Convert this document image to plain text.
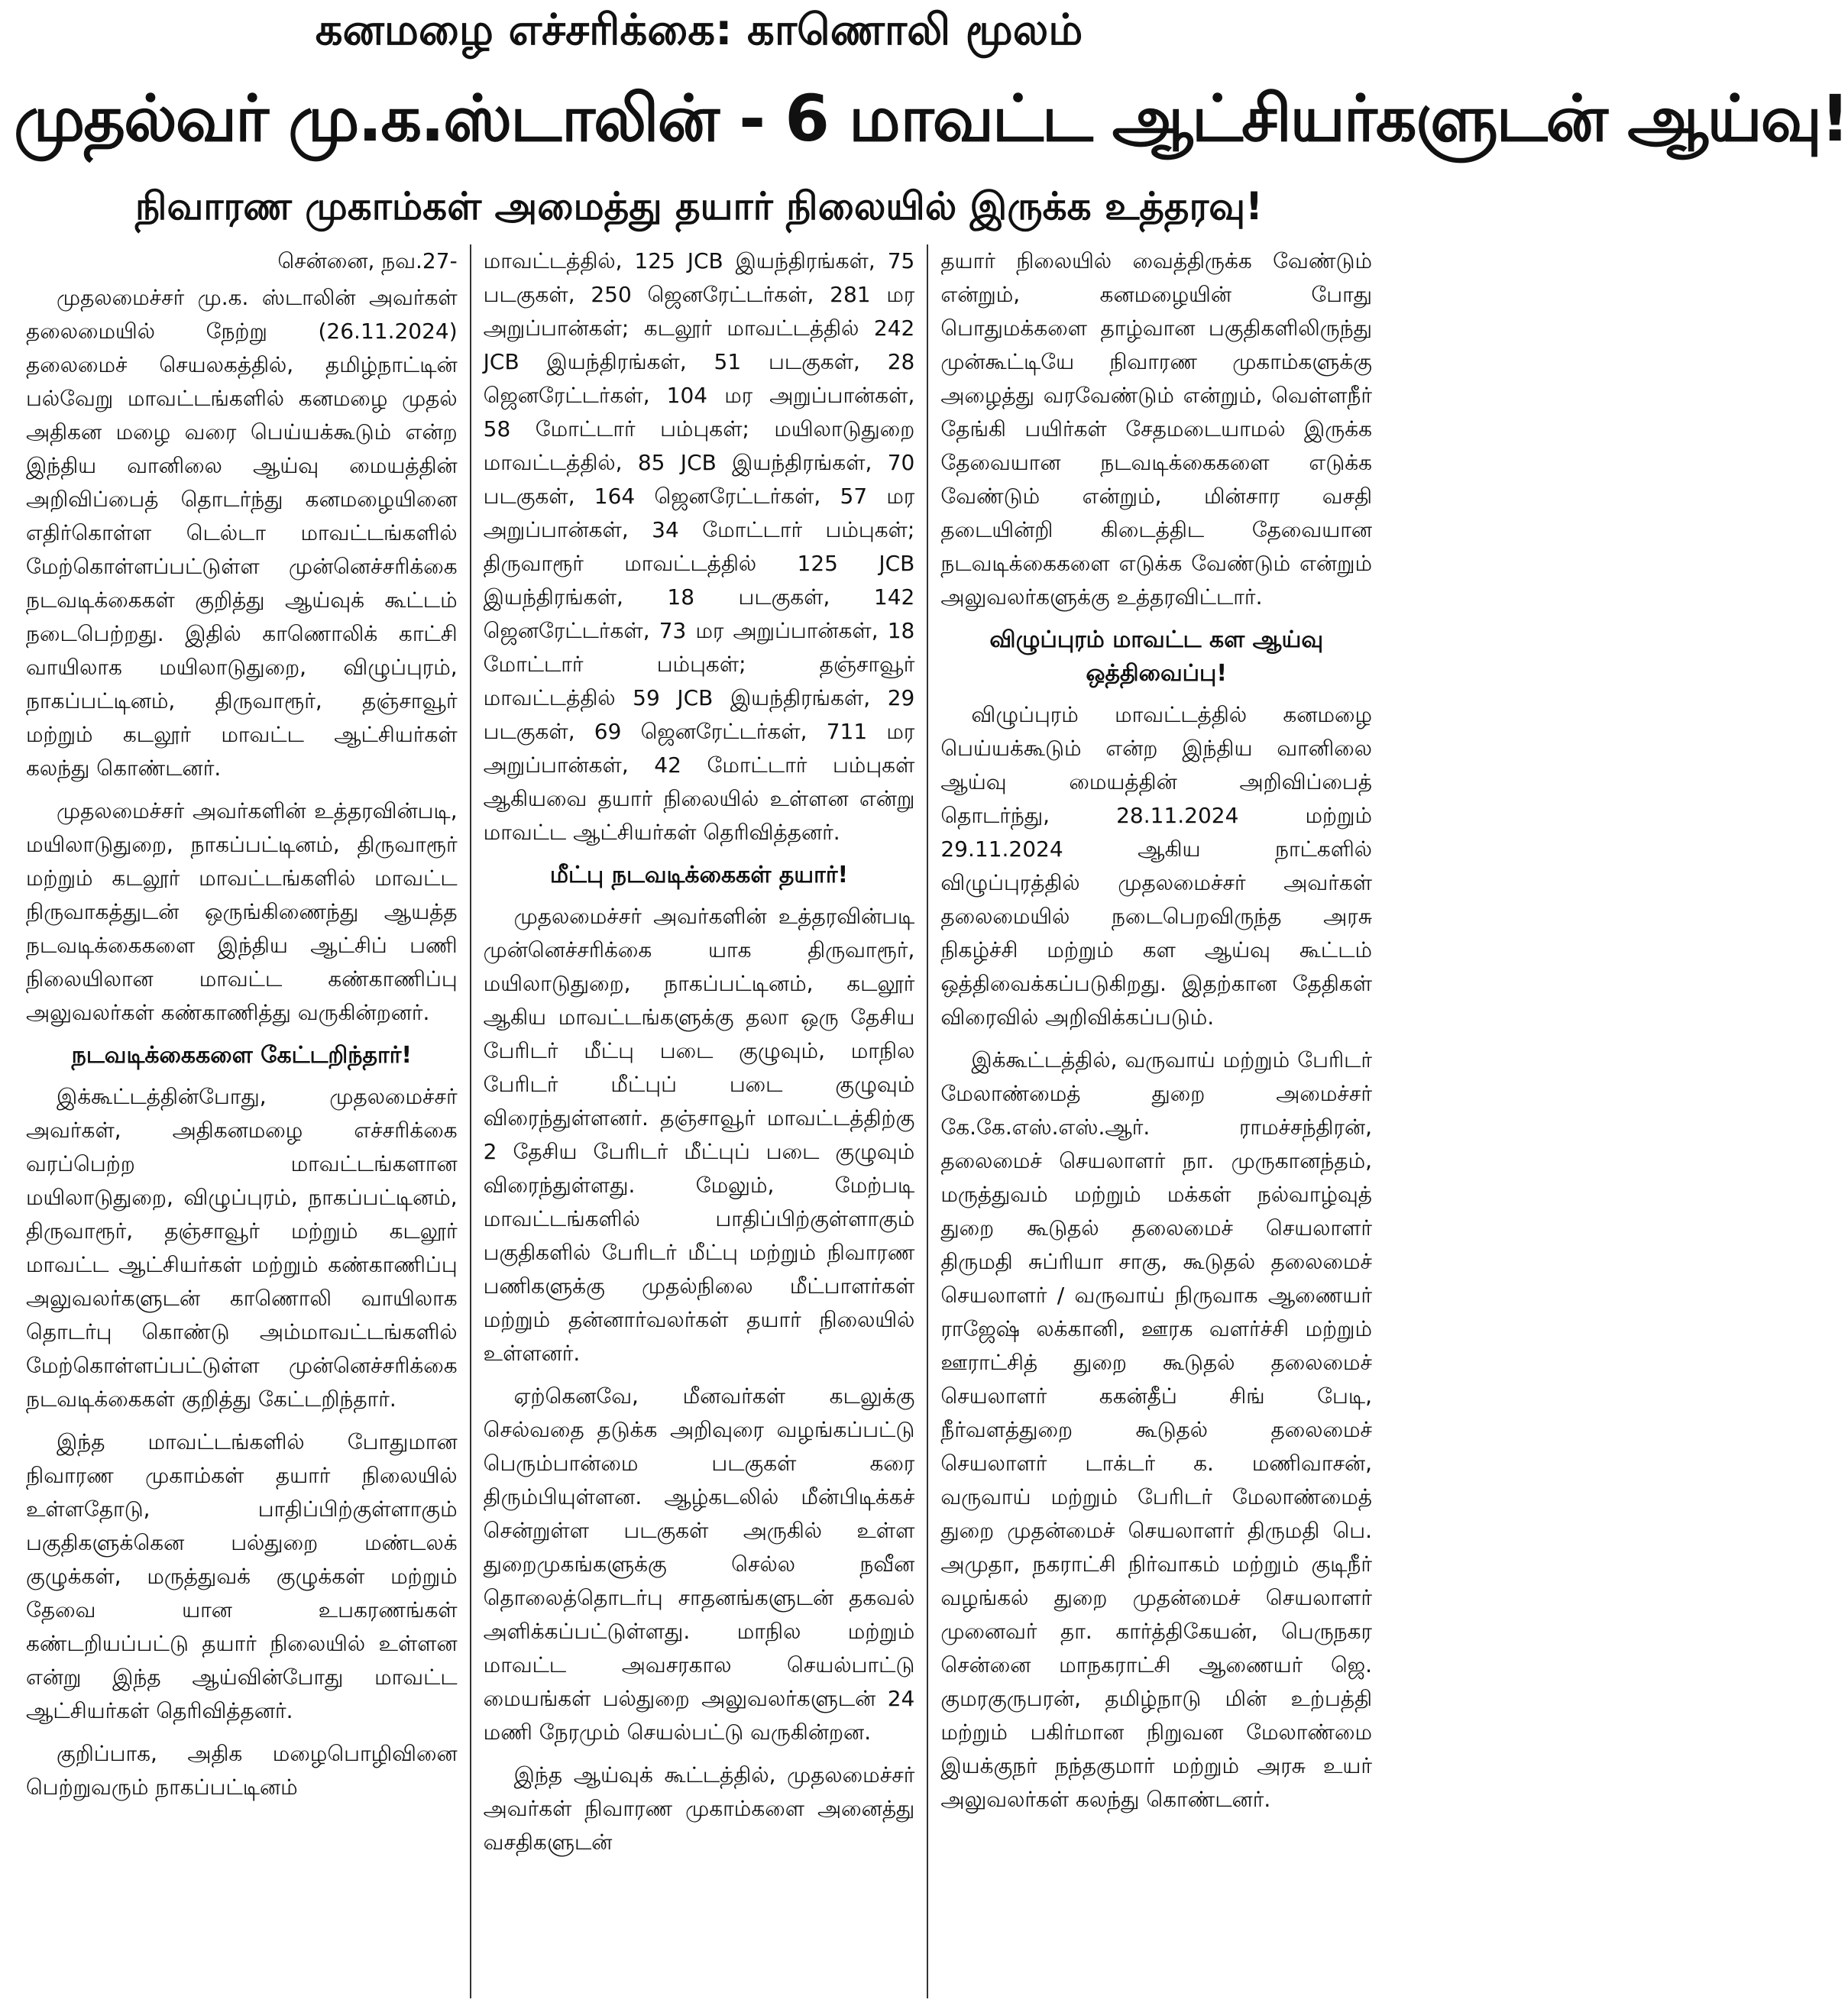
கனமழை எச்சரிக்கை: காணொலி மூலம்
முதல்வர் மு.க.ஸ்டாலின் - 6 மாவட்ட ஆட்சியர்களுடன் ஆய்வு!
நிவாரண முகாம்கள் அமைத்து தயார் நிலையில் இருக்க உத்தரவு!

சென்னை, நவ.27-

முதலமைச்சர் மு.க. ஸ்டாலின் அவர்கள் தலைமையில் நேற்று (26.11.2024) தலைமைச் செயலகத்தில், தமிழ்நாட்டின் பல்வேறு மாவட்டங்களில் கனமழை முதல் அதிகன மழை வரை பெய்யக்கூடும் என்ற இந்திய வானிலை ஆய்வு மையத்தின் அறிவிப்பைத் தொடர்ந்து கனமழையினை எதிர்கொள்ள டெல்டா மாவட்டங்களில் மேற்கொள்ளப்பட்டுள்ள முன்னெச்சரிக்கை நடவடிக்கைகள் குறித்து ஆய்வுக் கூட்டம் நடைபெற்றது. இதில் காணொலிக் காட்சி வாயிலாக மயிலாடுதுறை, விழுப்புரம், நாகப்பட்டினம், திருவாரூர், தஞ்சாவூர் மற்றும் கடலூர் மாவட்ட ஆட்சியர்கள் கலந்து கொண்டனர்.

முதலமைச்சர் அவர்களின் உத்தரவின்படி, மயிலாடுதுறை, நாகப்பட்டினம், திருவாரூர் மற்றும் கடலூர் மாவட்டங்களில் மாவட்ட நிருவாகத்துடன் ஒருங்கிணைந்து ஆயத்த நடவடிக்கைகளை இந்திய ஆட்சிப் பணி நிலையிலான மாவட்ட கண்காணிப்பு அலுவலர்கள் கண்காணித்து வருகின்றனர்.

நடவடிக்கைகளை கேட்டறிந்தார்!

இக்கூட்டத்தின்போது, முதலமைச்சர் அவர்கள், அதிகனமழை எச்சரிக்கை வரப்பெற்ற மாவட்டங்களான மயிலாடுதுறை, விழுப்புரம், நாகப்பட்டினம், திருவாரூர், தஞ்சாவூர் மற்றும் கடலூர் மாவட்ட ஆட்சியர்கள் மற்றும் கண்காணிப்பு அலுவலர்களுடன் காணொலி வாயிலாக தொடர்பு கொண்டு அம்மாவட்டங்களில் மேற்கொள்ளப்பட்டுள்ள முன்னெச்சரிக்கை நடவடிக்கைகள் குறித்து கேட்டறிந்தார்.

இந்த மாவட்டங்களில் போதுமான நிவாரண முகாம்கள் தயார் நிலையில் உள்ளதோடு, பாதிப்பிற்குள்ளாகும் பகுதிகளுக்கென பல்துறை மண்டலக் குழுக்கள், மருத்துவக் குழுக்கள் மற்றும் தேவை யான உபகரணங்கள் கண்டறியப்பட்டு தயார் நிலையில் உள்ளன என்று இந்த ஆய்வின்போது மாவட்ட ஆட்சியர்கள் தெரிவித்தனர்.

குறிப்பாக, அதிக மழைபொழிவினை பெற்றுவரும் நாகப்பட்டினம்

மாவட்டத்தில், 125 JCB இயந்திரங்கள், 75 படகுகள், 250 ஜெனரேட்டர்கள், 281 மர அறுப்பான்கள்; கடலூர் மாவட்டத்தில் 242 JCB இயந்திரங்கள், 51 படகுகள், 28 ஜெனரேட்டர்கள், 104 மர அறுப்பான்கள், 58 மோட்டார் பம்புகள்; மயிலாடுதுறை மாவட்டத்தில், 85 JCB இயந்திரங்கள், 70 படகுகள், 164 ஜெனரேட்டர்கள், 57 மர அறுப்பான்கள், 34 மோட்டார் பம்புகள்; திருவாரூர் மாவட்டத்தில் 125 JCB இயந்திரங்கள், 18 படகுகள், 142 ஜெனரேட்டர்கள், 73 மர அறுப்பான்கள், 18 மோட்டார் பம்புகள்; தஞ்சாவூர் மாவட்டத்தில் 59 JCB இயந்திரங்கள், 29 படகுகள், 69 ஜெனரேட்டர்கள், 711 மர அறுப்பான்கள், 42 மோட்டார் பம்புகள் ஆகியவை தயார் நிலையில் உள்ளன என்று மாவட்ட ஆட்சியர்கள் தெரிவித்தனர்.

மீட்பு நடவடிக்கைகள் தயார்!

முதலமைச்சர் அவர்களின் உத்தரவின்படி முன்னெச்சரிக்கை யாக திருவாரூர், மயிலாடுதுறை, நாகப்பட்டினம், கடலூர் ஆகிய மாவட்டங்களுக்கு தலா ஒரு தேசிய பேரிடர் மீட்பு படை குழுவும், மாநில பேரிடர் மீட்புப் படை குழுவும் விரைந்துள்ளனர். தஞ்சாவூர் மாவட்டத்திற்கு 2 தேசிய பேரிடர் மீட்புப் படை குழுவும் விரைந்துள்ளது. மேலும், மேற்படி மாவட்டங்களில் பாதிப்பிற்குள்ளாகும் பகுதிகளில் பேரிடர் மீட்பு மற்றும் நிவாரண பணிகளுக்கு முதல்நிலை மீட்பாளர்கள் மற்றும் தன்னார்வலர்கள் தயார் நிலையில் உள்ளனர்.

ஏற்கெனவே, மீனவர்கள் கடலுக்கு செல்வதை தடுக்க அறிவுரை வழங்கப்பட்டு பெரும்பான்மை படகுகள் கரை திரும்பியுள்ளன. ஆழ்கடலில் மீன்பிடிக்கச் சென்றுள்ள படகுகள் அருகில் உள்ள துறைமுகங்களுக்கு செல்ல நவீன தொலைத்தொடர்பு சாதனங்களுடன் தகவல் அளிக்கப்பட்டுள்ளது. மாநில மற்றும் மாவட்ட அவசரகால செயல்பாட்டு மையங்கள் பல்துறை அலுவலர்களுடன் 24 மணி நேரமும் செயல்பட்டு வருகின்றன.

இந்த ஆய்வுக் கூட்டத்தில், முதலமைச்சர் அவர்கள் நிவாரண முகாம்களை அனைத்து வசதிகளுடன்

தயார் நிலையில் வைத்திருக்க வேண்டும் என்றும், கனமழையின் போது பொதுமக்களை தாழ்வான பகுதிகளிலிருந்து முன்கூட்டியே நிவாரண முகாம்களுக்கு அழைத்து வரவேண்டும் என்றும், வெள்ளநீர் தேங்கி பயிர்கள் சேதமடையாமல் இருக்க தேவையான நடவடிக்கைகளை எடுக்க வேண்டும் என்றும், மின்சார வசதி தடையின்றி கிடைத்திட தேவையான நடவடிக்கைகளை எடுக்க வேண்டும் என்றும் அலுவலர்களுக்கு உத்தரவிட்டார்.

விழுப்புரம் மாவட்ட கள ஆய்வு ஒத்திவைப்பு!

விழுப்புரம் மாவட்டத்தில் கனமழை பெய்யக்கூடும் என்ற இந்திய வானிலை ஆய்வு மையத்தின் அறிவிப்பைத் தொடர்ந்து, 28.11.2024 மற்றும் 29.11.2024 ஆகிய நாட்களில் விழுப்புரத்தில் முதலமைச்சர் அவர்கள் தலைமையில் நடைபெறவிருந்த அரசு நிகழ்ச்சி மற்றும் கள ஆய்வு கூட்டம் ஒத்திவைக்கப்படுகிறது. இதற்கான தேதிகள் விரைவில் அறிவிக்கப்படும்.

இக்கூட்டத்தில், வருவாய் மற்றும் பேரிடர் மேலாண்மைத் துறை அமைச்சர் கே.கே.எஸ்.எஸ்.ஆர். ராமச்சந்திரன், தலைமைச் செயலாளர் நா. முருகானந்தம், மருத்துவம் மற்றும் மக்கள் நல்வாழ்வுத் துறை கூடுதல் தலைமைச் செயலாளர் திருமதி சுப்ரியா சாகு, கூடுதல் தலைமைச் செயலாளர் / வருவாய் நிருவாக ஆணையர் ராஜேஷ் லக்கானி, ஊரக வளர்ச்சி மற்றும் ஊராட்சித் துறை கூடுதல் தலைமைச் செயலாளர் ககன்தீப் சிங் பேடி, நீர்வளத்துறை கூடுதல் தலைமைச் செயலாளர் டாக்டர் க. மணிவாசன், வருவாய் மற்றும் பேரிடர் மேலாண்மைத் துறை முதன்மைச் செயலாளர் திருமதி பெ. அமுதா, நகராட்சி நிர்வாகம் மற்றும் குடிநீர் வழங்கல் துறை முதன்மைச் செயலாளர் முனைவர் தா. கார்த்திகேயன், பெருநகர சென்னை மாநகராட்சி ஆணையர் ஜெ. குமரகுருபரன், தமிழ்நாடு மின் உற்பத்தி மற்றும் பகிர்மான நிறுவன மேலாண்மை இயக்குநர் நந்தகுமார் மற்றும் அரசு உயர் அலுவலர்கள் கலந்து கொண்டனர்.
